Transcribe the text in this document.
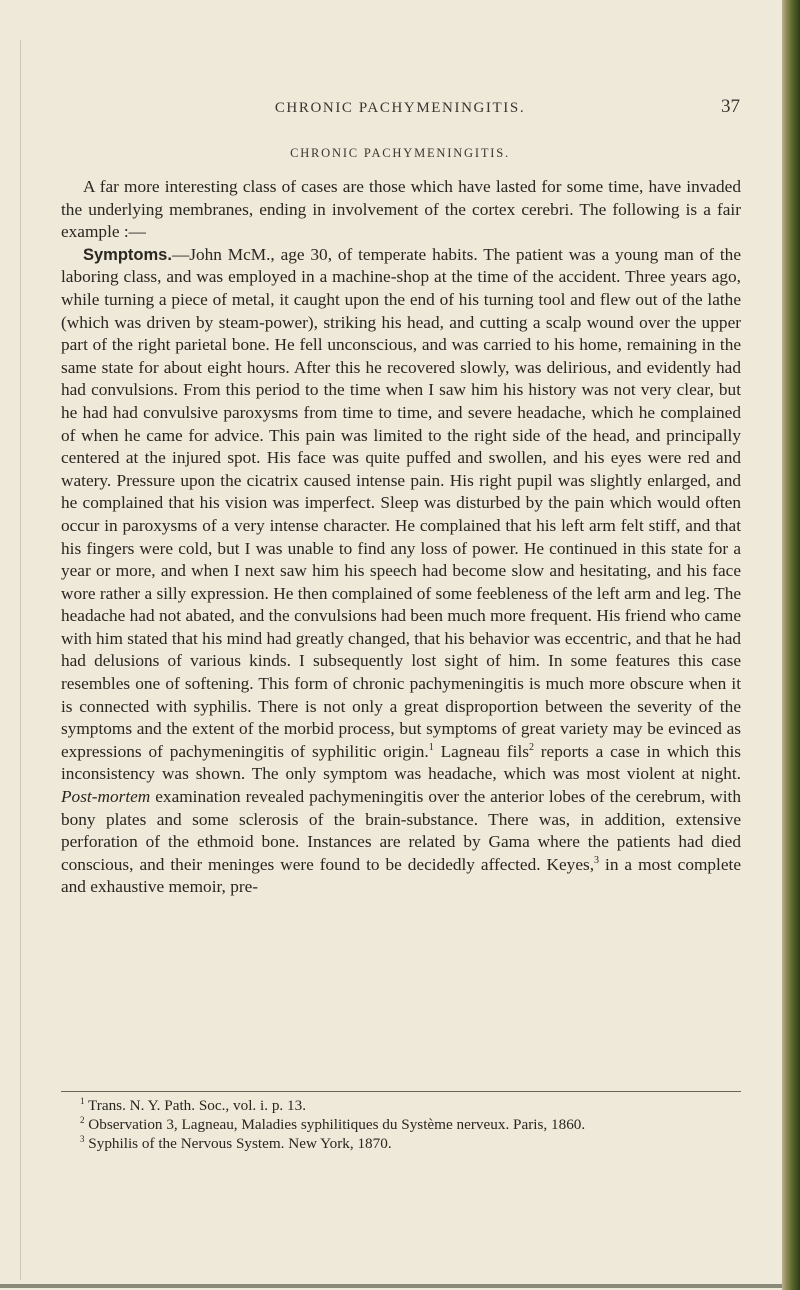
CHRONIC PACHYMENINGITIS.	37
CHRONIC PACHYMENINGITIS.

A far more interesting class of cases are those which have lasted for some time, have invaded the underlying membranes, ending in involvement of the cortex cerebri. The following is a fair example :—

Symptoms.—John McM., age 30, of temperate habits. The patient was a young man of the laboring class, and was employed in a machine-shop at the time of the accident. Three years ago, while turning a piece of metal, it caught upon the end of his turning tool and flew out of the lathe (which was driven by steam-power), striking his head, and cutting a scalp wound over the upper part of the right parietal bone. He fell unconscious, and was carried to his home, remaining in the same state for about eight hours. After this he recovered slowly, was delirious, and evidently had had convulsions. From this period to the time when I saw him his history was not very clear, but he had had convulsive paroxysms from time to time, and severe headache, which he complained of when he came for advice. This pain was limited to the right side of the head, and principally centered at the injured spot. His face was quite puffed and swollen, and his eyes were red and watery. Pressure upon the cicatrix caused intense pain. His right pupil was slightly enlarged, and he complained that his vision was imperfect. Sleep was disturbed by the pain which would often occur in paroxysms of a very intense character. He complained that his left arm felt stiff, and that his fingers were cold, but I was unable to find any loss of power. He continued in this state for a year or more, and when I next saw him his speech had become slow and hesitating, and his face wore rather a silly expression. He then complained of some feebleness of the left arm and leg. The headache had not abated, and the convulsions had been much more frequent. His friend who came with him stated that his mind had greatly changed, that his behavior was eccentric, and that he had had delusions of various kinds. I subsequently lost sight of him. In some features this case resembles one of softening. This form of chronic pachymeningitis is much more obscure when it is connected with syphilis. There is not only a great disproportion between the severity of the symptoms and the extent of the morbid process, but symptoms of great variety may be evinced as expressions of pachymeningitis of syphilitic origin.$^1$ Lagneau fils$^2$ reports a case in which this inconsistency was shown. The only symptom was headache, which was most violent at night. Post-mortem examination revealed pachymeningitis over the anterior lobes of the cerebrum, with bony plates and some sclerosis of the brain-substance. There was, in addition, extensive perforation of the ethmoid bone. Instances are related by Gama where the patients had died conscious, and their meninges were found to be decidedly affected. Keyes,$^3$ in a most complete and exhaustive memoir, pre-

$^1$ Trans. N. Y. Path. Soc., vol. i. p. 13.

$^2$ Observation 3, Lagneau, Maladies syphilitiques du Système nerveux. Paris, 1860.

$^3$ Syphilis of the Nervous System. New York, 1870.
